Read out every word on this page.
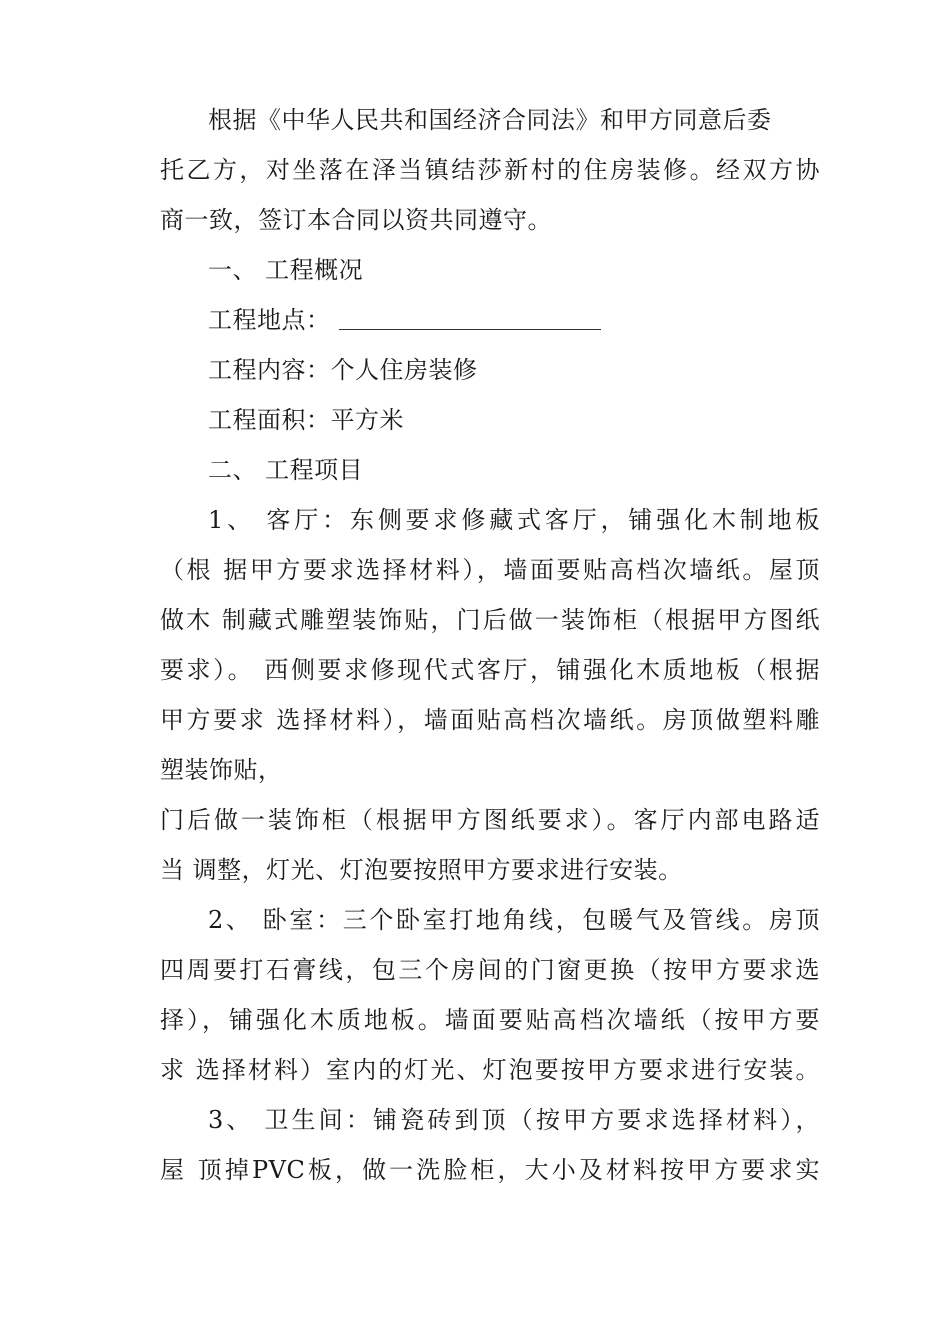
根据《中华人民共和国经济合同法》和甲方同意后委
托乙方，对坐落在泽当镇结莎新村的住房装修。经双方协
商一致，签订本合同以资共同遵守。
一、 工程概况
工程地点：
工程内容：个人住房装修
工程面积：平方米
二、 工程项目
1、 客厅：东侧要求修藏式客厅，铺强化木制地板
（根 据甲方要求选择材料），墙面要贴高档次墙纸。屋顶
做木 制藏式雕塑装饰贴，门后做一装饰柜（根据甲方图纸
要求）。 西侧要求修现代式客厅，铺强化木质地板（根据
甲方要求 选择材料），墙面贴高档次墙纸。房顶做塑料雕
塑装饰贴，
门后做一装饰柜（根据甲方图纸要求）。客厅内部电路适
当 调整，灯光、灯泡要按照甲方要求进行安装。
2、 卧室：三个卧室打地角线，包暖气及管线。房顶
四周要打石膏线，包三个房间的门窗更换（按甲方要求选
择），铺强化木质地板。墙面要贴高档次墙纸（按甲方要
求 选择材料）室内的灯光、灯泡要按甲方要求进行安装。
3、 卫生间：铺瓷砖到顶（按甲方要求选择材料），
屋 顶掉PVC板，做一洗脸柜，大小及材料按甲方要求实
